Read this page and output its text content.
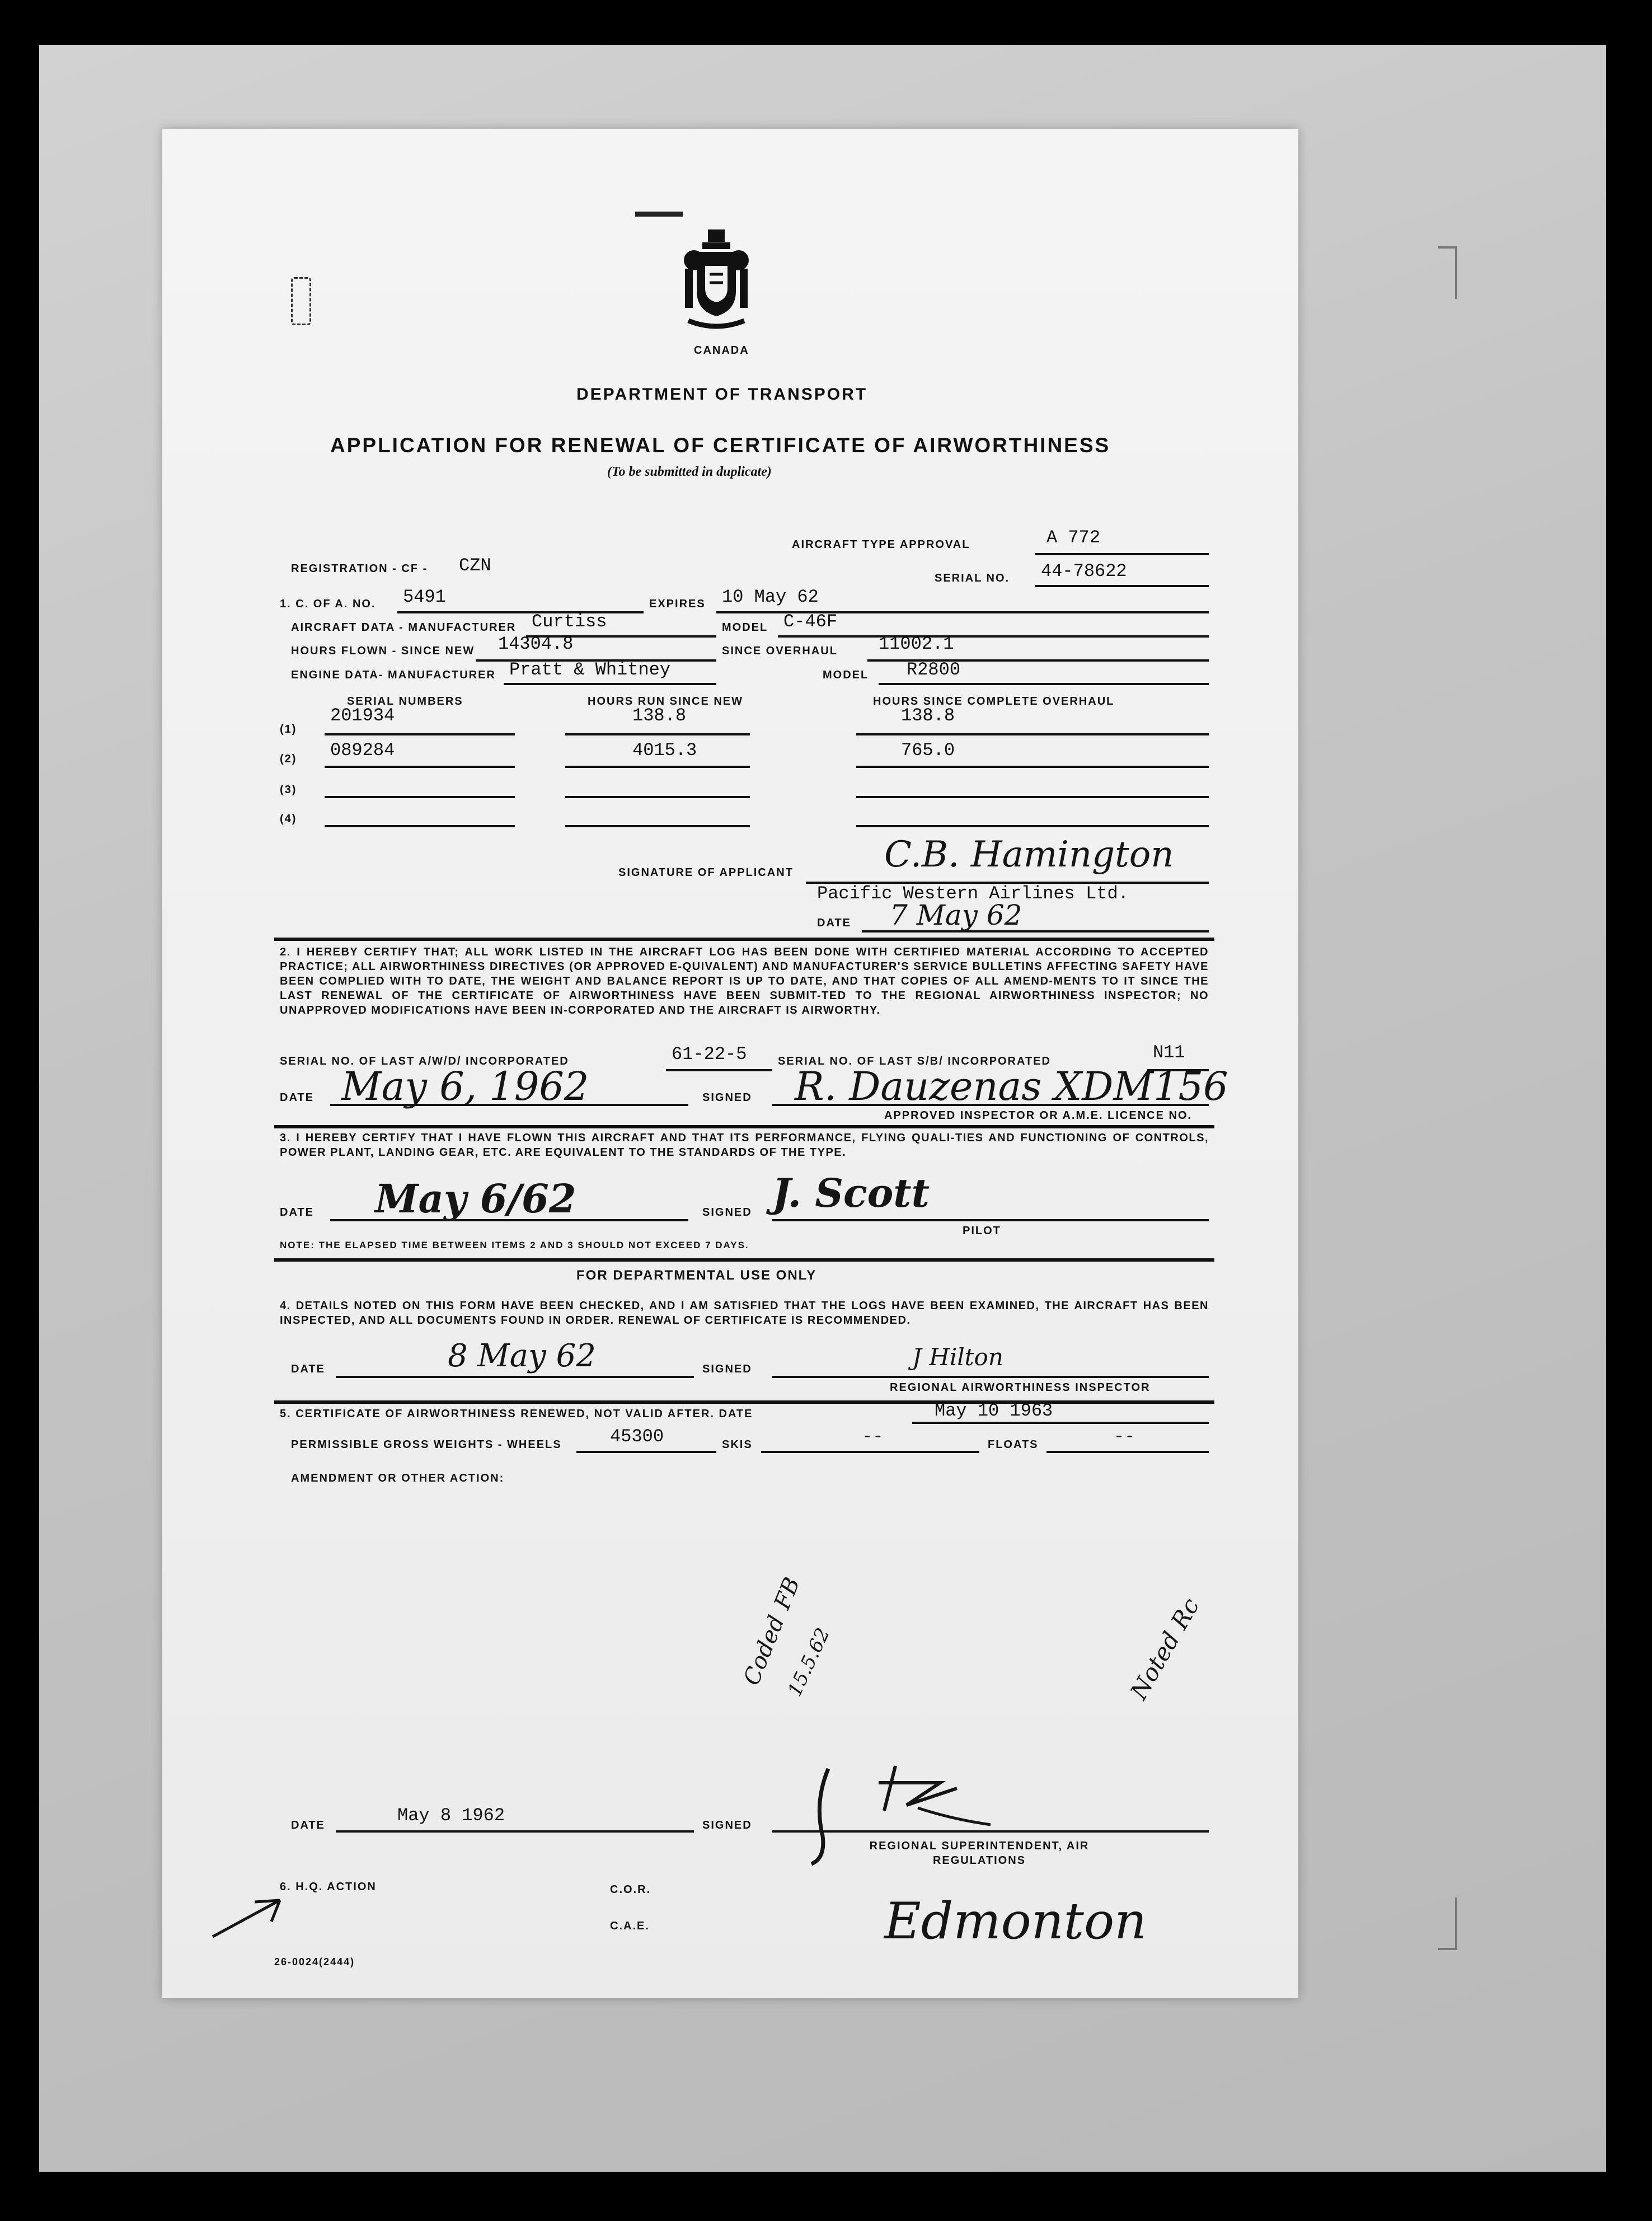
CANADA
DEPARTMENT OF TRANSPORT
APPLICATION FOR RENEWAL OF CERTIFICATE OF AIRWORTHINESS
(To be submitted in duplicate)
AIRCRAFT TYPE APPROVAL	A 772
REGISTRATION - CF - CZN
SERIAL NO. 44-78622
1. C. OF A. NO. 5491	EXPIRES 10 May 62
AIRCRAFT DATA - MANUFACTURER Curtiss	MODEL C-46F
HOURS FLOWN - SINCE NEW 14304.8	SINCE OVERHAUL 11002.1
ENGINE DATA- MANUFACTURER Pratt & Whitney	MODEL R2800
SERIAL NUMBERS	HOURS RUN SINCE NEW	HOURS SINCE COMPLETE OVERHAUL
(1)
201934	138.8	138.8
(2) 089284	4015.3	765.0
(3)
(4)
SIGNATURE OF APPLICANT	C.B. Hamington
Pacific Western Airlines Ltd.
DATE 7 May 62
2. I HEREBY CERTIFY THAT; ALL WORK LISTED IN THE AIRCRAFT LOG HAS BEEN DONE WITH CERTIFIED MATERIAL ACCORDING TO ACCEPTED PRACTICE; ALL AIRWORTHINESS DIRECTIVES (OR APPROVED E-QUIVALENT) AND MANUFACTURER'S SERVICE BULLETINS AFFECTING SAFETY HAVE BEEN COMPLIED WITH TO DATE, THE WEIGHT AND BALANCE REPORT IS UP TO DATE, AND THAT COPIES OF ALL AMEND-MENTS TO IT SINCE THE LAST RENEWAL OF THE CERTIFICATE OF AIRWORTHINESS HAVE BEEN SUBMIT-TED TO THE REGIONAL AIRWORTHINESS INSPECTOR; NO UNAPPROVED MODIFICATIONS HAVE BEEN IN-CORPORATED AND THE AIRCRAFT IS AIRWORTHY.
SERIAL NO. OF LAST A/W/D/ INCORPORATED	61-22-5	SERIAL NO. OF LAST S/B/ INCORPORATED	N11
DATE May 6, 1962	SIGNED R. Dauzenas XDM156
APPROVED INSPECTOR OR A.M.E. LICENCE NO.
3. I HEREBY CERTIFY THAT I HAVE FLOWN THIS AIRCRAFT AND THAT ITS PERFORMANCE, FLYING QUALI-TIES AND FUNCTIONING OF CONTROLS, POWER PLANT, LANDING GEAR, ETC. ARE EQUIVALENT TO THE STANDARDS OF THE TYPE.
DATE May 6/62	SIGNED J. Scott
PILOT
NOTE: THE ELAPSED TIME BETWEEN ITEMS 2 AND 3 SHOULD NOT EXCEED 7 DAYS.
FOR DEPARTMENTAL USE ONLY
4. DETAILS NOTED ON THIS FORM HAVE BEEN CHECKED, AND I AM SATISFIED THAT THE LOGS HAVE BEEN EXAMINED, THE AIRCRAFT HAS BEEN INSPECTED, AND ALL DOCUMENTS FOUND IN ORDER. RENEWAL OF CERTIFICATE IS RECOMMENDED.
DATE	8 May 62	SIGNED	J Hilton
REGIONAL AIRWORTHINESS INSPECTOR
5. CERTIFICATE OF AIRWORTHINESS RENEWED, NOT VALID AFTER. DATE	May 10 1963
PERMISSIBLE GROSS WEIGHTS - WHEELS	45300	SKIS	--	FLOATS	--
AMENDMENT OR OTHER ACTION:
Coded FB
15.5.62	Noted Rc
DATE	May 8 1962	SIGNED
REGIONAL SUPERINTENDENT, AIR REGULATIONS
6. H.Q. ACTION	C.O.R.
C.A.E.	Edmonton
26-0024(2444)
